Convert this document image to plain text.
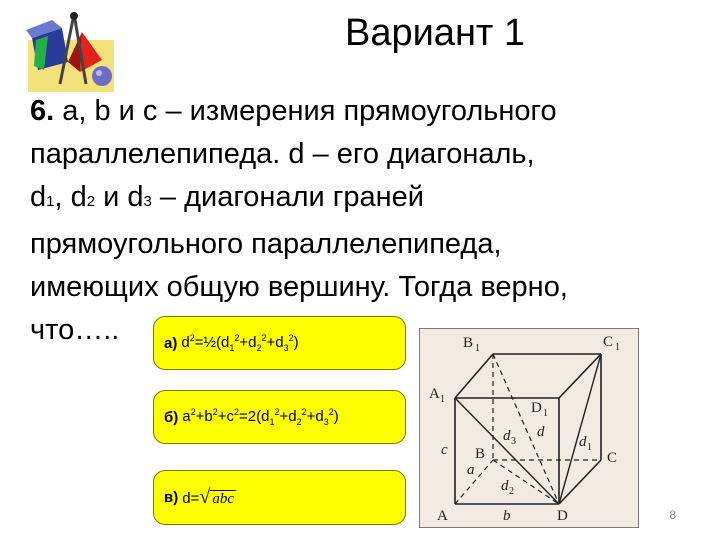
Вариант 1
6. a, b и c – измерения прямоугольного
параллелепипеда. d – его диагональ,
d1, d2 и d3 – диагонали граней
прямоугольного параллелепипеда,
имеющих общую вершину. Тогда верно,
что…..	а) $d^2=\frac{1}{2}(d_1^2+d_2^2+d_3^2)$
б) $a^2+b^2+c^2=2(d_1^2+d_2^2+d_3^2)$
в) d=√ abc
B 1	C 1
A 1
D 1
B	C
A	D
c
b
a
d
d 3	d 1
d 2
8
